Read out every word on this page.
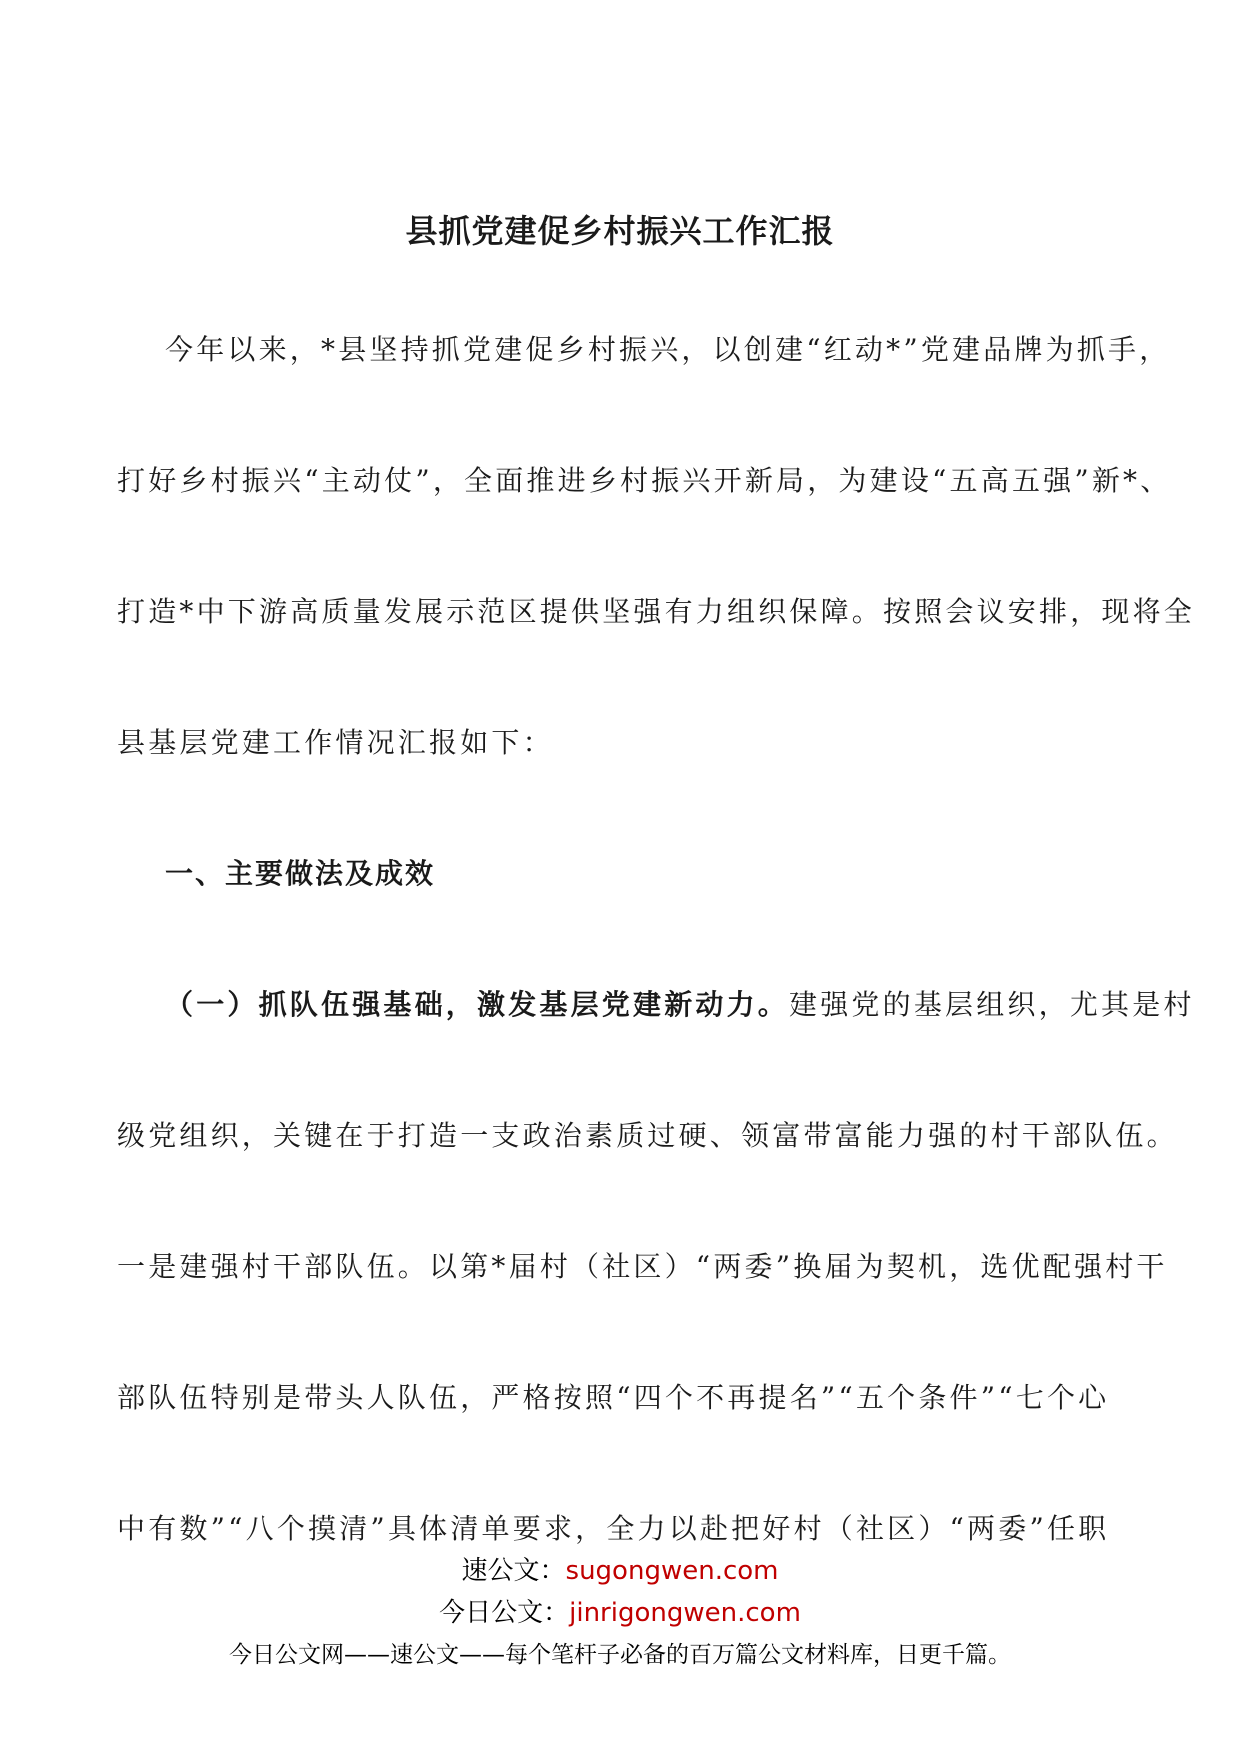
县抓党建促乡村振兴工作汇报

今年以来，*县坚持抓党建促乡村振兴，以创建“红动*”党建品牌为抓手，

打好乡村振兴“主动仗”，全面推进乡村振兴开新局，为建设“五高五强”新*、

打造*中下游高质量发展示范区提供坚强有力组织保障。按照会议安排，现将全

县基层党建工作情况汇报如下：

一、主要做法及成效

（一）抓队伍强基础，激发基层党建新动力。建强党的基层组织，尤其是村

级党组织，关键在于打造一支政治素质过硬、领富带富能力强的村干部队伍。

一是建强村干部队伍。以第*届村（社区）“两委”换届为契机，选优配强村干

部队伍特别是带头人队伍，严格按照“四个不再提名”“五个条件”“七个心

中有数”“八个摸清”具体清单要求，全力以赴把好村（社区）“两委”任职

速公文：sugongwen.com

今日公文：jinrigongwen.com

今日公文网——速公文——每个笔杆子必备的百万篇公文材料库，日更千篇。
